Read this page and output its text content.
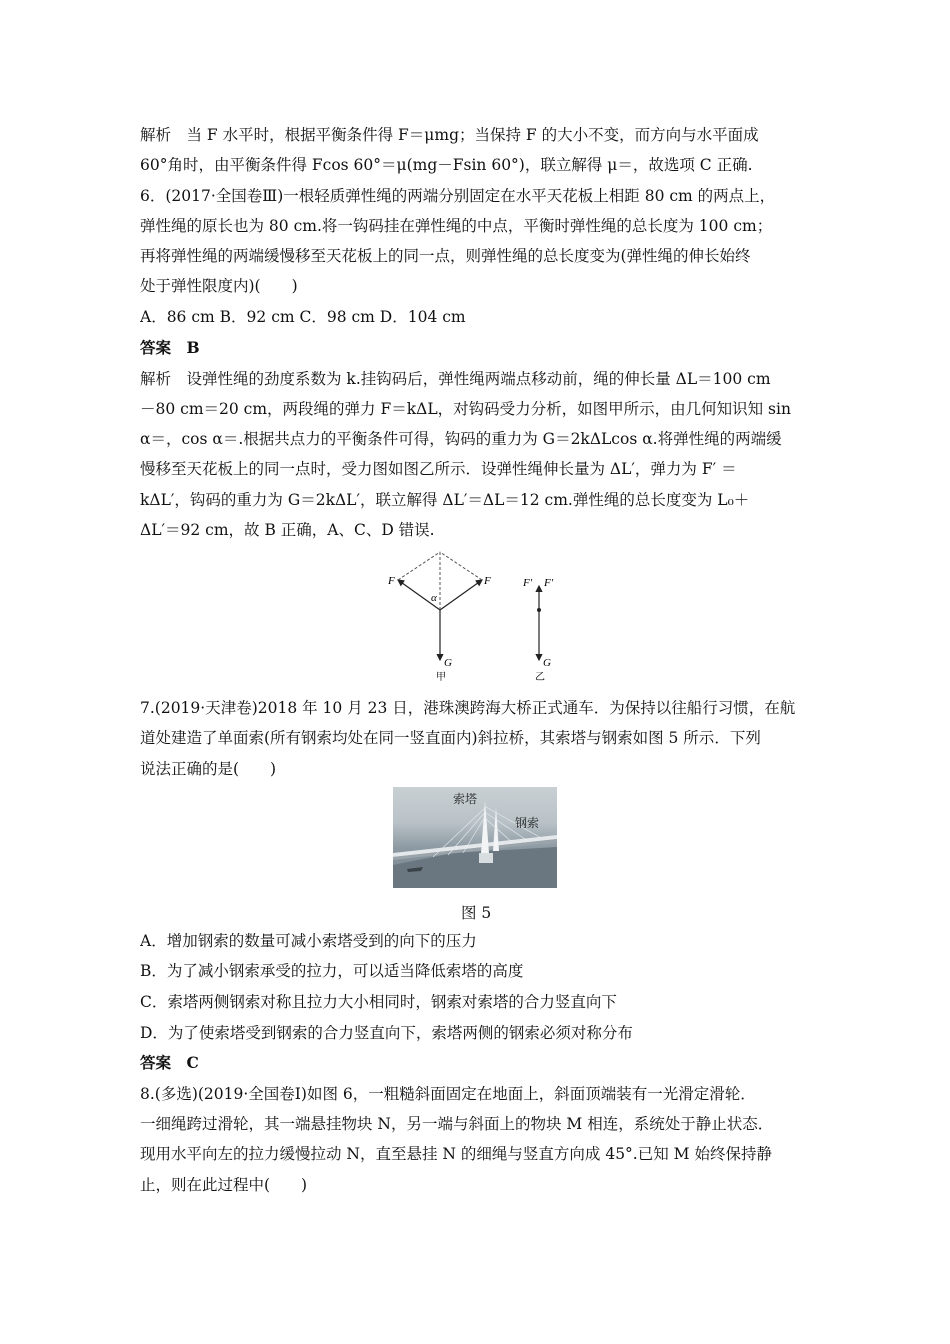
解析　当 F 水平时，根据平衡条件得 F＝μmg；当保持 F 的大小不变，而方向与水平面成
60°角时，由平衡条件得 Fcos 60°＝μ(mg－Fsin 60°)，联立解得 μ＝，故选项 C 正确.
6．(2017·全国卷Ⅲ)一根轻质弹性绳的两端分别固定在水平天花板上相距 80 cm 的两点上，
弹性绳的原长也为 80 cm.将一钩码挂在弹性绳的中点，平衡时弹性绳的总长度为 100 cm；
再将弹性绳的两端缓慢移至天花板上的同一点，则弹性绳的总长度变为(弹性绳的伸长始终
处于弹性限度内)(　　)
A．86 cm B．92 cm C．98 cm D．104 cm
答案　B
解析　设弹性绳的劲度系数为 k.挂钩码后，弹性绳两端点移动前，绳的伸长量 ΔL＝100 cm
－80 cm＝20 cm，两段绳的弹力 F＝kΔL，对钩码受力分析，如图甲所示，由几何知识知 sin
α＝，cos α＝.根据共点力的平衡条件可得，钩码的重力为 G＝2kΔLcos α.将弹性绳的两端缓
慢移至天花板上的同一点时，受力图如图乙所示．设弹性绳伸长量为 ΔL′，弹力为 F′ ＝
kΔL′，钩码的重力为 G＝2kΔL′，联立解得 ΔL′＝ΔL＝12 cm.弹性绳的总长度变为 L₀＋
ΔL′＝92 cm，故 B 正确，A、C、D 错误.
F	F
α
G
甲
F′ F′
G
乙
7.(2019·天津卷)2018 年 10 月 23 日，港珠澳跨海大桥正式通车．为保持以往船行习惯，在航
道处建造了单面索(所有钢索均处在同一竖直面内)斜拉桥，其索塔与钢索如图 5 所示．下列
说法正确的是(　　)
索塔
钢索
图 5
A．增加钢索的数量可减小索塔受到的向下的压力
B．为了减小钢索承受的拉力，可以适当降低索塔的高度
C．索塔两侧钢索对称且拉力大小相同时，钢索对索塔的合力竖直向下
D．为了使索塔受到钢索的合力竖直向下，索塔两侧的钢索必须对称分布
答案　C
8.(多选)(2019·全国卷Ⅰ)如图 6，一粗糙斜面固定在地面上，斜面顶端装有一光滑定滑轮．
一细绳跨过滑轮，其一端悬挂物块 N，另一端与斜面上的物块 M 相连，系统处于静止状态．
现用水平向左的拉力缓慢拉动 N，直至悬挂 N 的细绳与竖直方向成 45°.已知 M 始终保持静
止，则在此过程中(　　)
